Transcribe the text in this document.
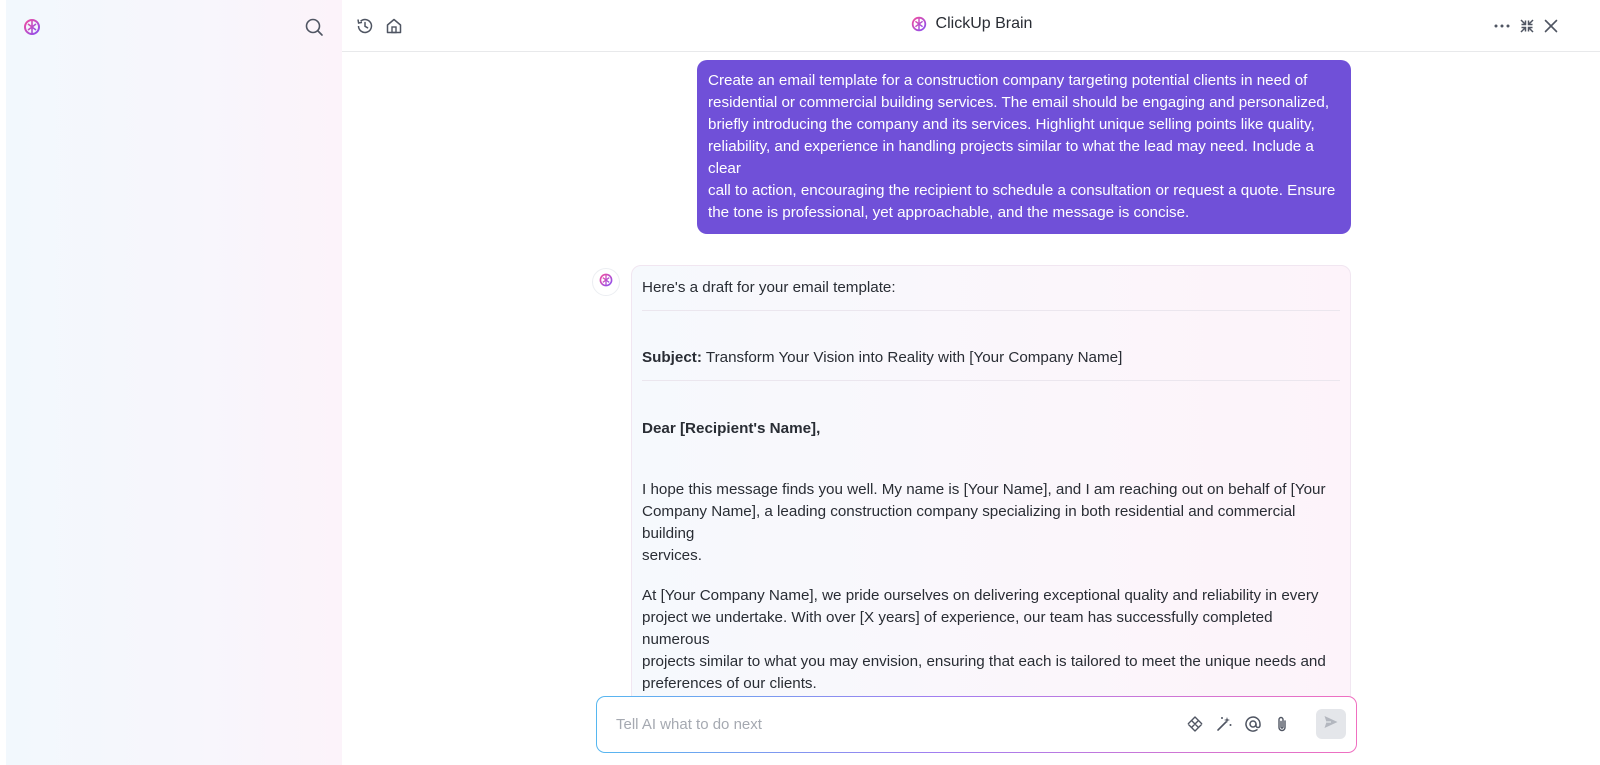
ClickUp Brain
Create an email template for a construction company targeting potential clients in need of
residential or commercial building services. The email should be engaging and personalized,
briefly introducing the company and its services. Highlight unique selling points like quality,
reliability, and experience in handling projects similar to what the lead may need. Include a clear
call to action, encouraging the recipient to schedule a consultation or request a quote. Ensure
the tone is professional, yet approachable, and the message is concise.
Here's a draft for your email template:
Subject: Transform Your Vision into Reality with [Your Company Name]
Dear [Recipient's Name],
I hope this message finds you well. My name is [Your Name], and I am reaching out on behalf of [Your
Company Name], a leading construction company specializing in both residential and commercial building
services.
At [Your Company Name], we pride ourselves on delivering exceptional quality and reliability in every
project we undertake. With over [X years] of experience, our team has successfully completed numerous
projects similar to what you may envision, ensuring that each is tailored to meet the unique needs and
preferences of our clients.
Tell AI what to do next
